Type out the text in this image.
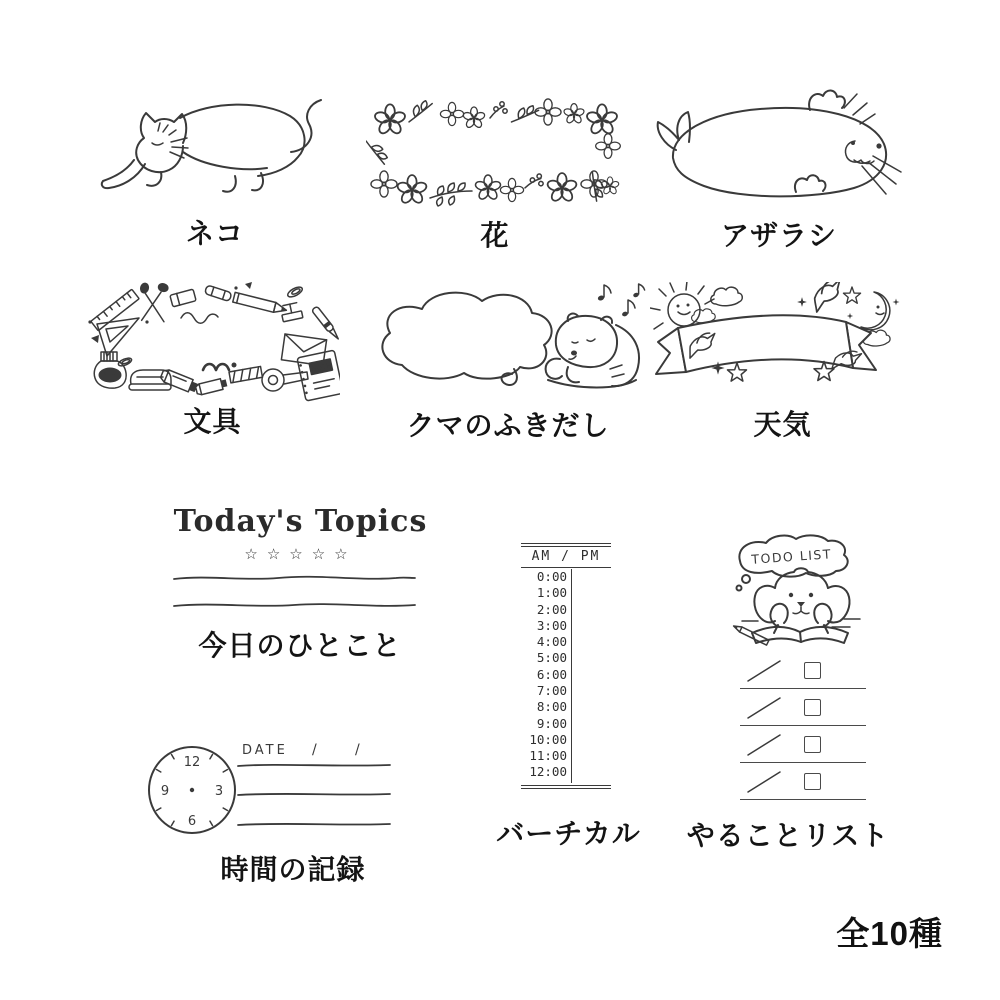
ネコ	花	アザラシ
NOTE
ink
文具	クマのふきだし	天気
Today's Topics
☆☆☆☆☆
今日のひとこと
AM / PM
0:00
1:00
2:00
3:00
4:00
5:00
6:00
7:00
8:00
9:00
10:00
11:00
12:00
バーチカル
TODO LIST
やることリスト
12
3
6
9
DATE /	/
時間の記録
全10種
